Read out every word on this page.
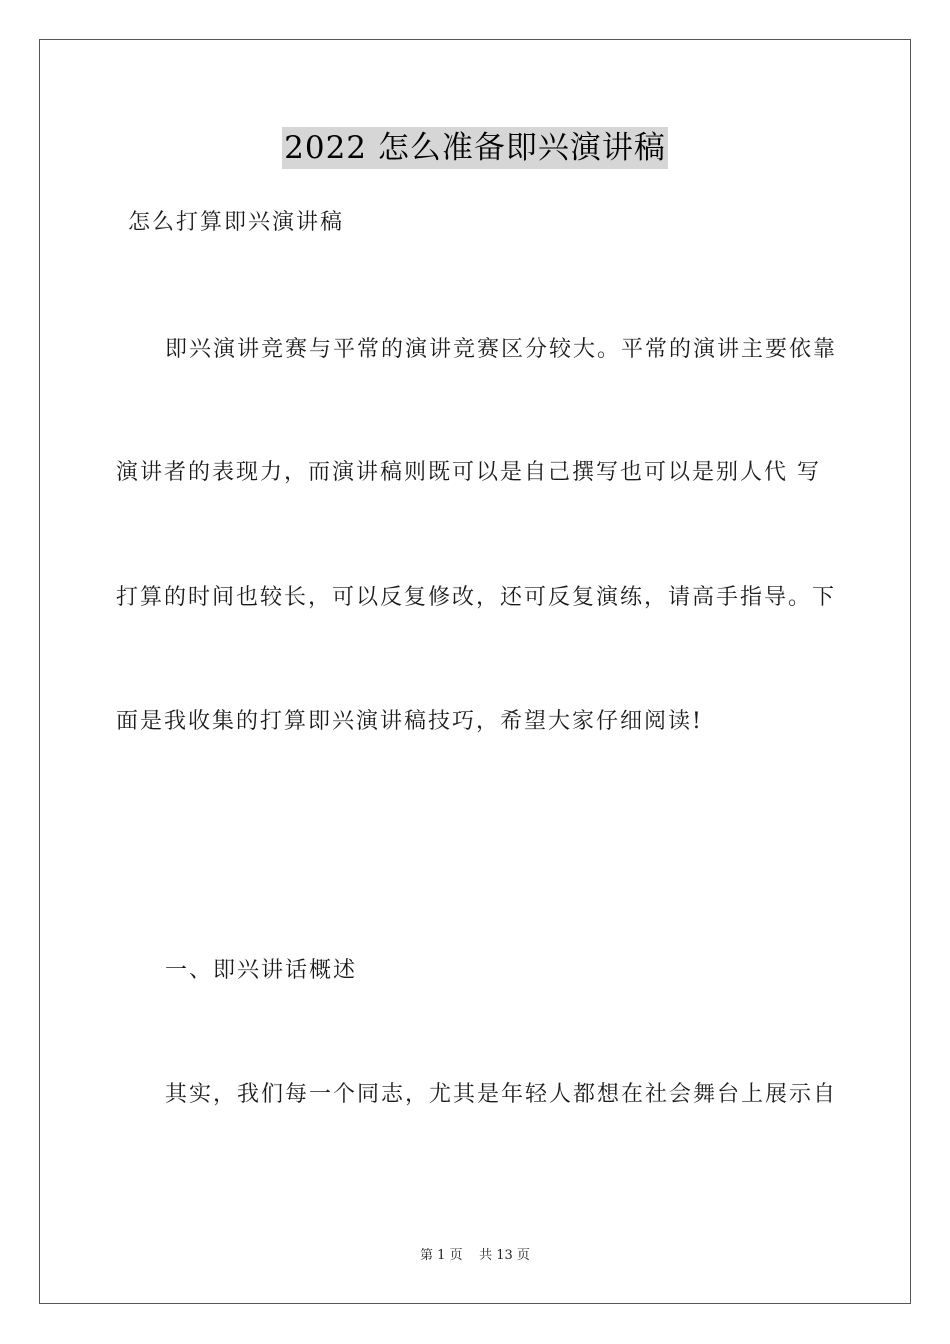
2022 怎么准备即兴演讲稿
怎么打算即兴演讲稿
即兴演讲竞赛与平常的演讲竞赛区分较大。平常的演讲主要依靠
演讲者的表现力，而演讲稿则既可以是自己撰写也可以是别人代 写
打算的时间也较长，可以反复修改，还可反复演练，请高手指导。下
面是我收集的打算即兴演讲稿技巧，希望大家仔细阅读!
一、即兴讲话概述
其实，我们每一个同志，尤其是年轻人都想在社会舞台上展示自
第 1 页 共 13 页
